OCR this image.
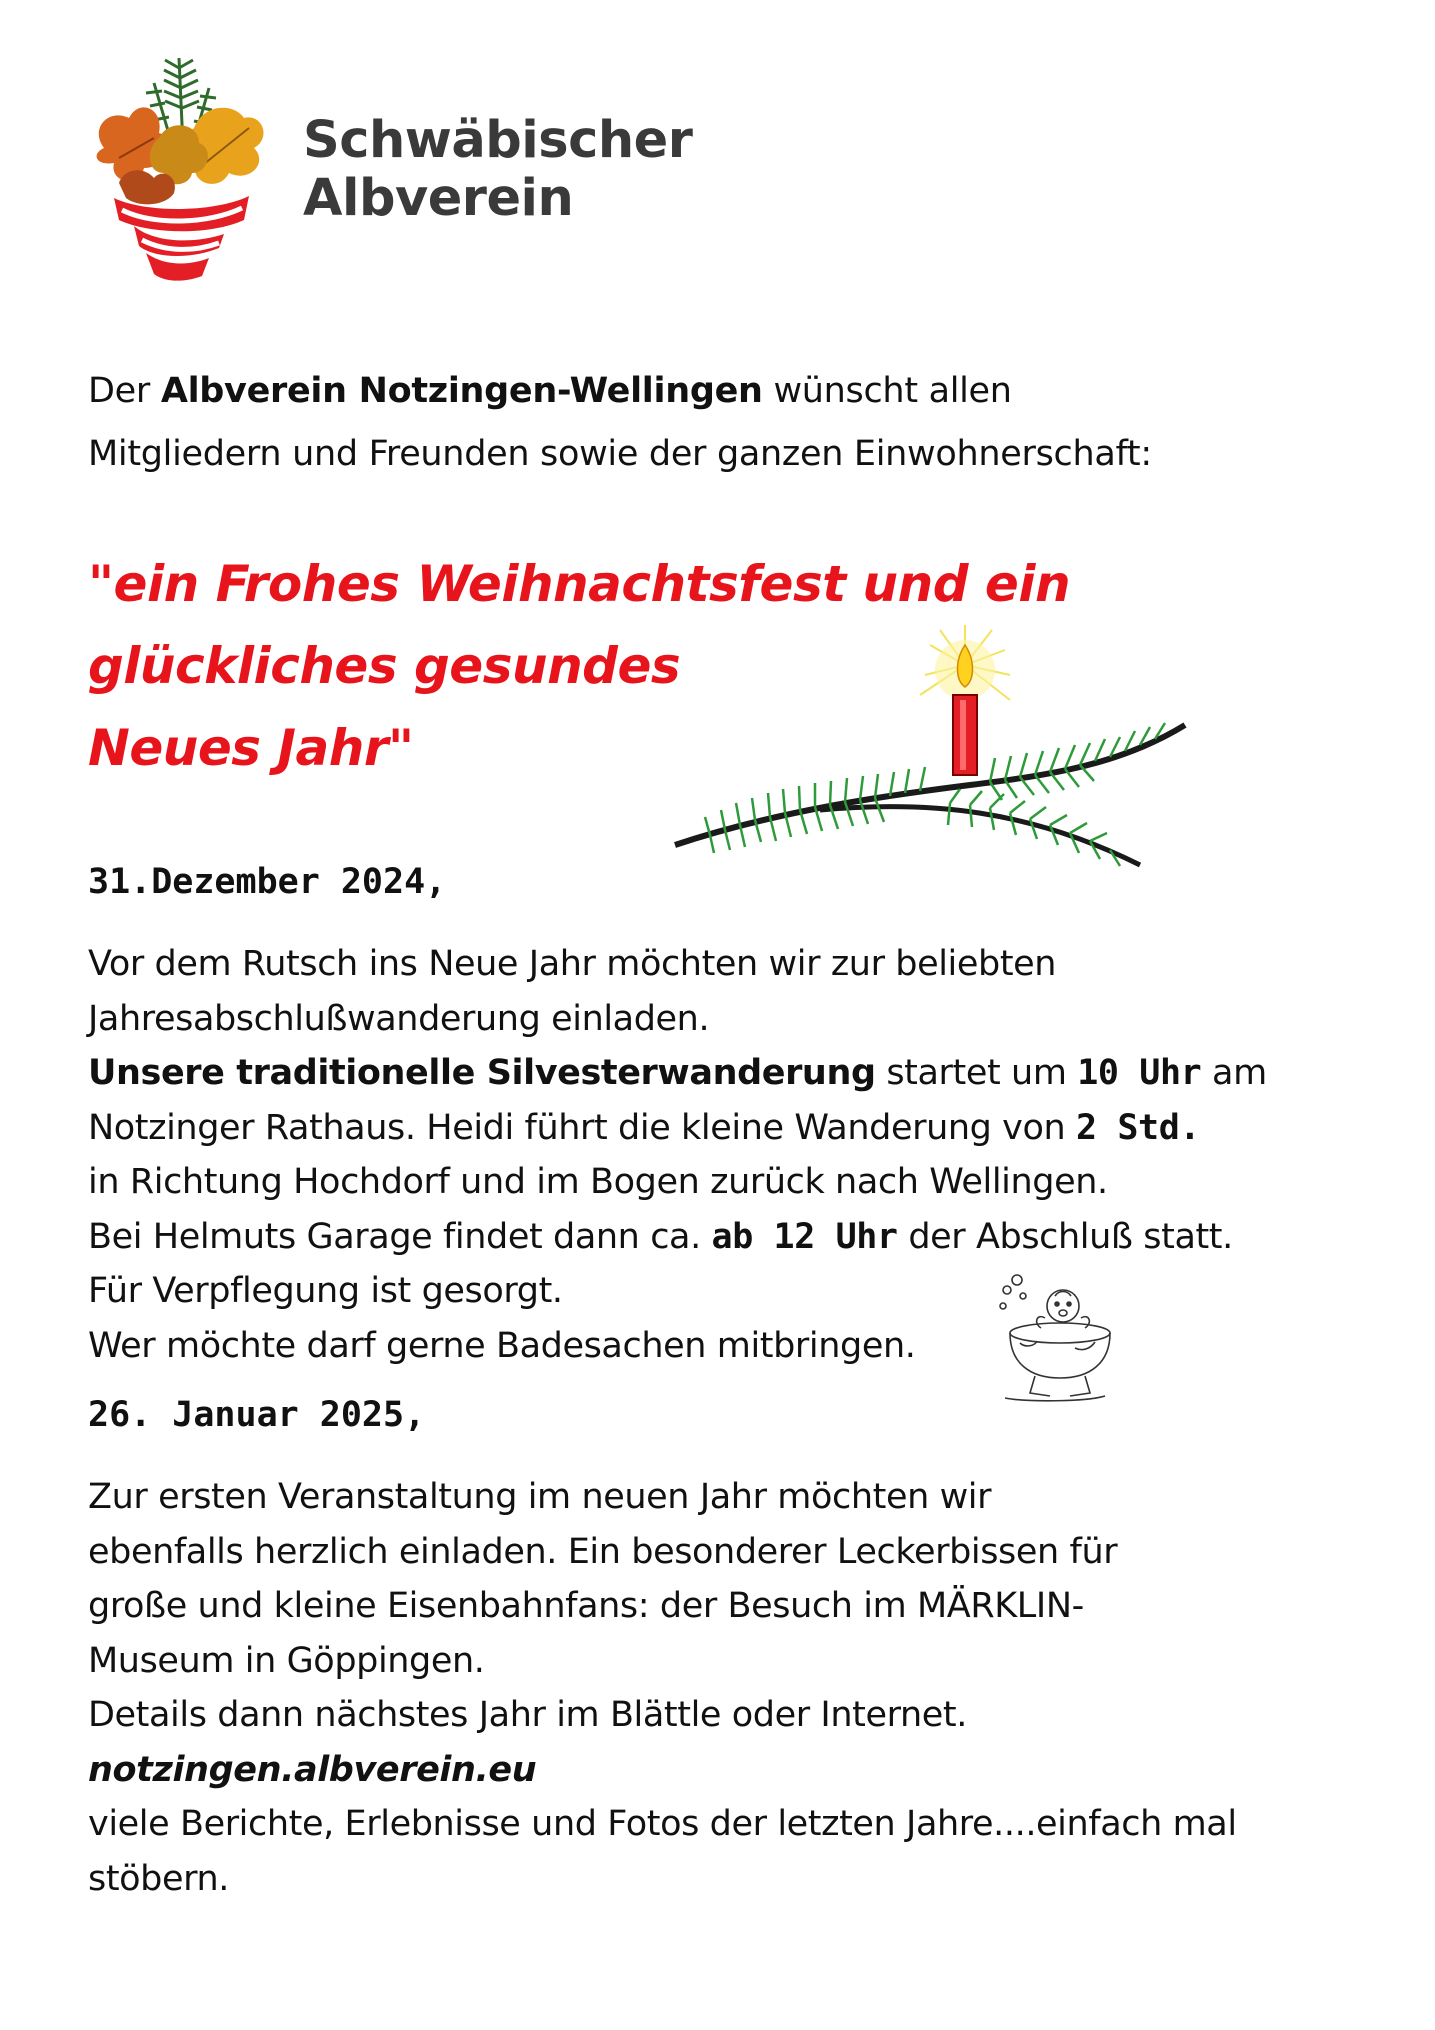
Schwäbischer
Albverein
Der Albverein Notzingen-Wellingen wünscht allen
Mitgliedern und Freunden sowie der ganzen Einwohnerschaft:
"ein Frohes Weihnachtsfest und ein
glückliches gesundes
Neues Jahr"
31.Dezember 2024,
Vor dem Rutsch ins Neue Jahr möchten wir zur beliebten
Jahresabschlußwanderung einladen.
Unsere traditionelle Silvesterwanderung startet um 10 Uhr am
Notzinger Rathaus. Heidi führt die kleine Wanderung von 2 Std.
in Richtung Hochdorf und im Bogen zurück nach Wellingen.
Bei Helmuts Garage findet dann ca. ab 12 Uhr der Abschluß statt.
Für Verpflegung ist gesorgt.
Wer möchte darf gerne Badesachen mitbringen.
26. Januar 2025,
Zur ersten Veranstaltung im neuen Jahr möchten wir
ebenfalls herzlich einladen. Ein besonderer Leckerbissen für
große und kleine Eisenbahnfans: der Besuch im MÄRKLIN-
Museum in Göppingen.
Details dann nächstes Jahr im Blättle oder Internet.
notzingen.albverein.eu
viele Berichte, Erlebnisse und Fotos der letzten Jahre....einfach mal
stöbern.
